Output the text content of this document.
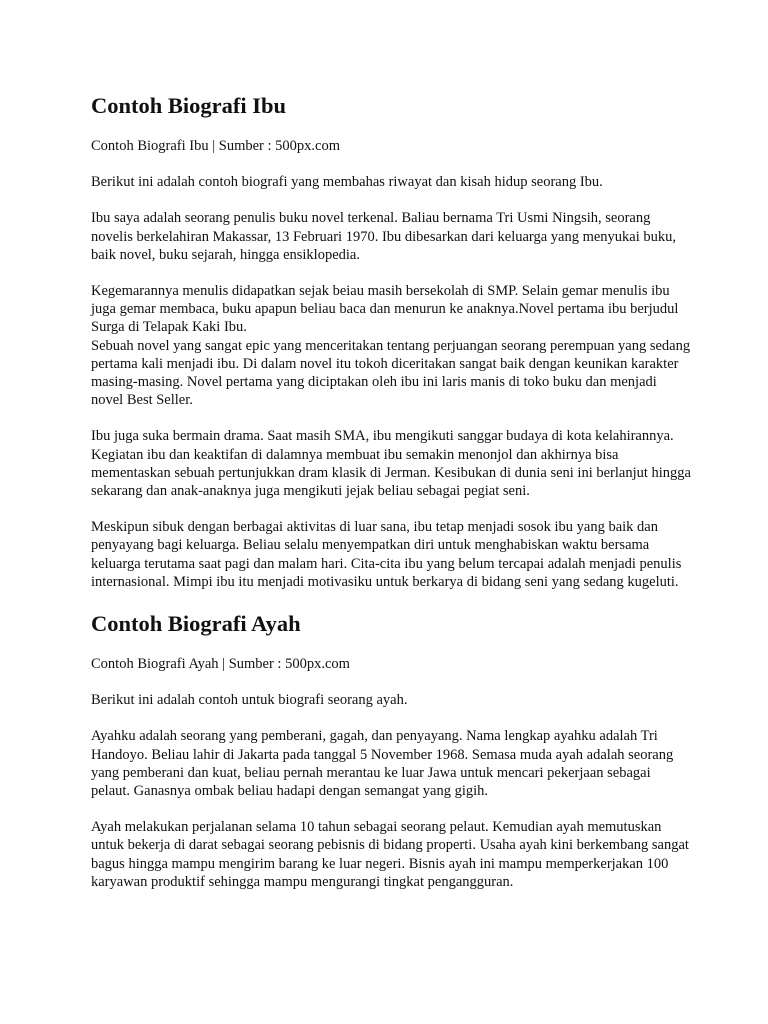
Contoh Biografi Ibu

Contoh Biografi Ibu | Sumber : 500px.com

Berikut ini adalah contoh biografi yang membahas riwayat dan kisah hidup seorang Ibu.

Ibu saya adalah seorang penulis buku novel terkenal. Baliau bernama Tri Usmi Ningsih, seorang novelis berkelahiran Makassar, 13 Februari 1970. Ibu dibesarkan dari keluarga yang menyukai buku, baik novel, buku sejarah, hingga ensiklopedia.

Kegemarannya menulis didapatkan sejak beiau masih bersekolah di SMP. Selain gemar menulis ibu juga gemar membaca, buku apapun beliau baca dan menurun ke anaknya.Novel pertama ibu berjudul Surga di Telapak Kaki Ibu.

Sebuah novel yang sangat epic yang menceritakan tentang perjuangan seorang perempuan yang sedang pertama kali menjadi ibu. Di dalam novel itu tokoh diceritakan sangat baik dengan keunikan karakter masing-masing. Novel pertama yang diciptakan oleh ibu ini laris manis di toko buku dan menjadi novel Best Seller.

Ibu juga suka bermain drama. Saat masih SMA, ibu mengikuti sanggar budaya di kota kelahirannya. Kegiatan ibu dan keaktifan di dalamnya membuat ibu semakin menonjol dan akhirnya bisa mementaskan sebuah pertunjukkan dram klasik di Jerman. Kesibukan di dunia seni ini berlanjut hingga sekarang dan anak-anaknya juga mengikuti jejak beliau sebagai pegiat seni.

Meskipun sibuk dengan berbagai aktivitas di luar sana, ibu tetap menjadi sosok ibu yang baik dan penyayang bagi keluarga. Beliau selalu menyempatkan diri untuk menghabiskan waktu bersama keluarga terutama saat pagi dan malam hari. Cita-cita ibu yang belum tercapai adalah menjadi penulis internasional. Mimpi ibu itu menjadi motivasiku untuk berkarya di bidang seni yang sedang kugeluti.

Contoh Biografi Ayah

Contoh Biografi Ayah | Sumber : 500px.com

Berikut ini adalah contoh untuk biografi seorang ayah.

Ayahku adalah seorang yang pemberani, gagah, dan penyayang. Nama lengkap ayahku adalah Tri Handoyo. Beliau lahir di Jakarta pada tanggal 5 November 1968. Semasa muda ayah adalah seorang yang pemberani dan kuat, beliau pernah merantau ke luar Jawa untuk mencari pekerjaan sebagai pelaut. Ganasnya ombak beliau hadapi dengan semangat yang gigih.

Ayah melakukan perjalanan selama 10 tahun sebagai seorang pelaut. Kemudian ayah memutuskan untuk bekerja di darat sebagai seorang pebisnis di bidang properti. Usaha ayah kini berkembang sangat bagus hingga mampu mengirim barang ke luar negeri. Bisnis ayah ini mampu memperkerjakan 100 karyawan produktif sehingga mampu mengurangi tingkat pengangguran.
